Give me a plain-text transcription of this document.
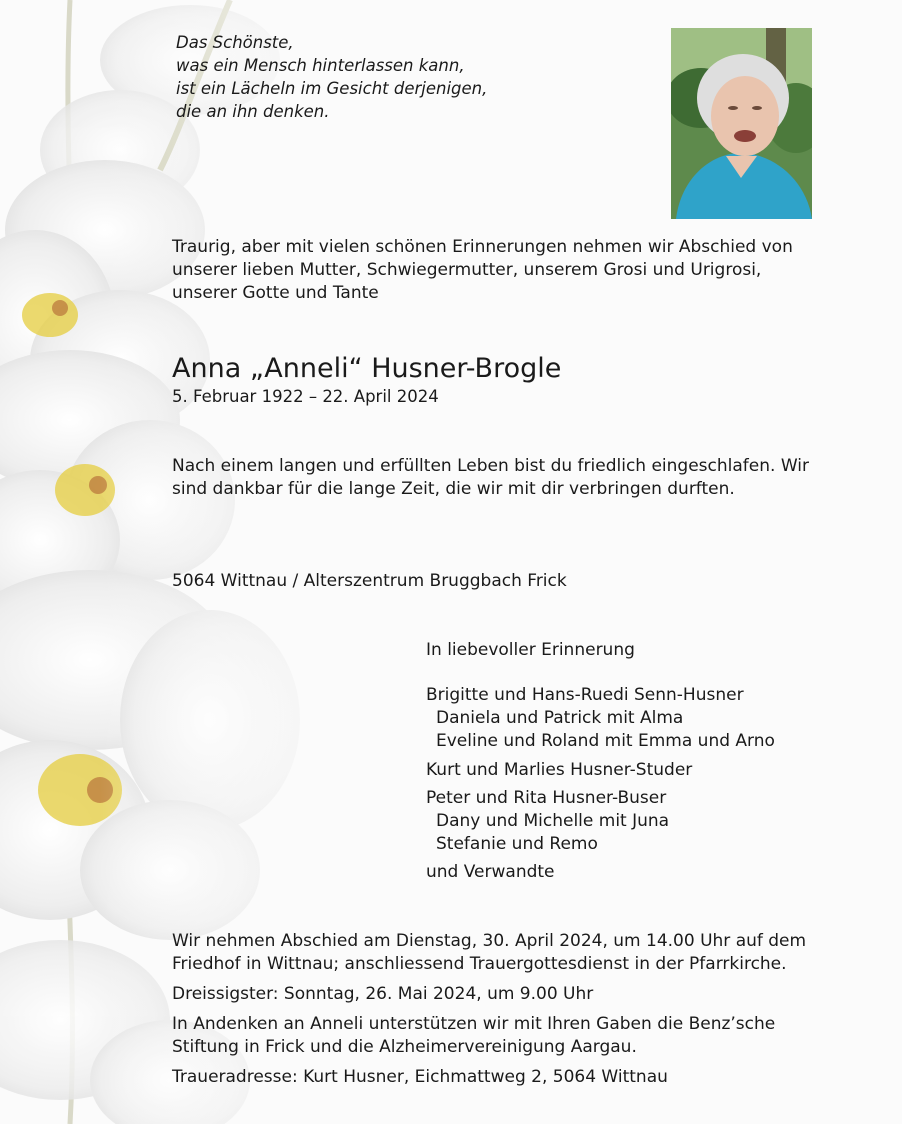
Das Schönste,
was ein Mensch hinterlassen kann,
ist ein Lächeln im Gesicht derjenigen,
die an ihn denken.

Traurig, aber mit vielen schönen Erinnerungen nehmen wir Abschied von unserer lieben Mutter, Schwiegermutter, unserem Grosi und Urigrosi, unserer Gotte und Tante

Anna „Anneli“ Husner-Brogle
5. Februar 1922 – 22. April 2024

Nach einem langen und erfüllten Leben bist du friedlich eingeschlafen. Wir sind dankbar für die lange Zeit, die wir mit dir verbringen durften.

5064 Wittnau / Alterszentrum Bruggbach Frick
In liebevoller Erinnerung
Brigitte und Hans-Ruedi Senn-Husner
Daniela und Patrick mit Alma
Eveline und Roland mit Emma und Arno
Kurt und Marlies Husner-Studer
Peter und Rita Husner-Buser
Dany und Michelle mit Juna
Stefanie und Remo
und Verwandte

Wir nehmen Abschied am Dienstag, 30. April 2024, um 14.00 Uhr auf dem Friedhof in Wittnau; anschliessend Trauergottesdienst in der Pfarrkirche.

Dreissigster: Sonntag, 26. Mai 2024, um 9.00 Uhr

In Andenken an Anneli unterstützen wir mit Ihren Gaben die Benz’sche Stiftung in Frick und die Alzheimervereinigung Aargau.

Traueradresse: Kurt Husner, Eichmattweg 2, 5064 Wittnau
